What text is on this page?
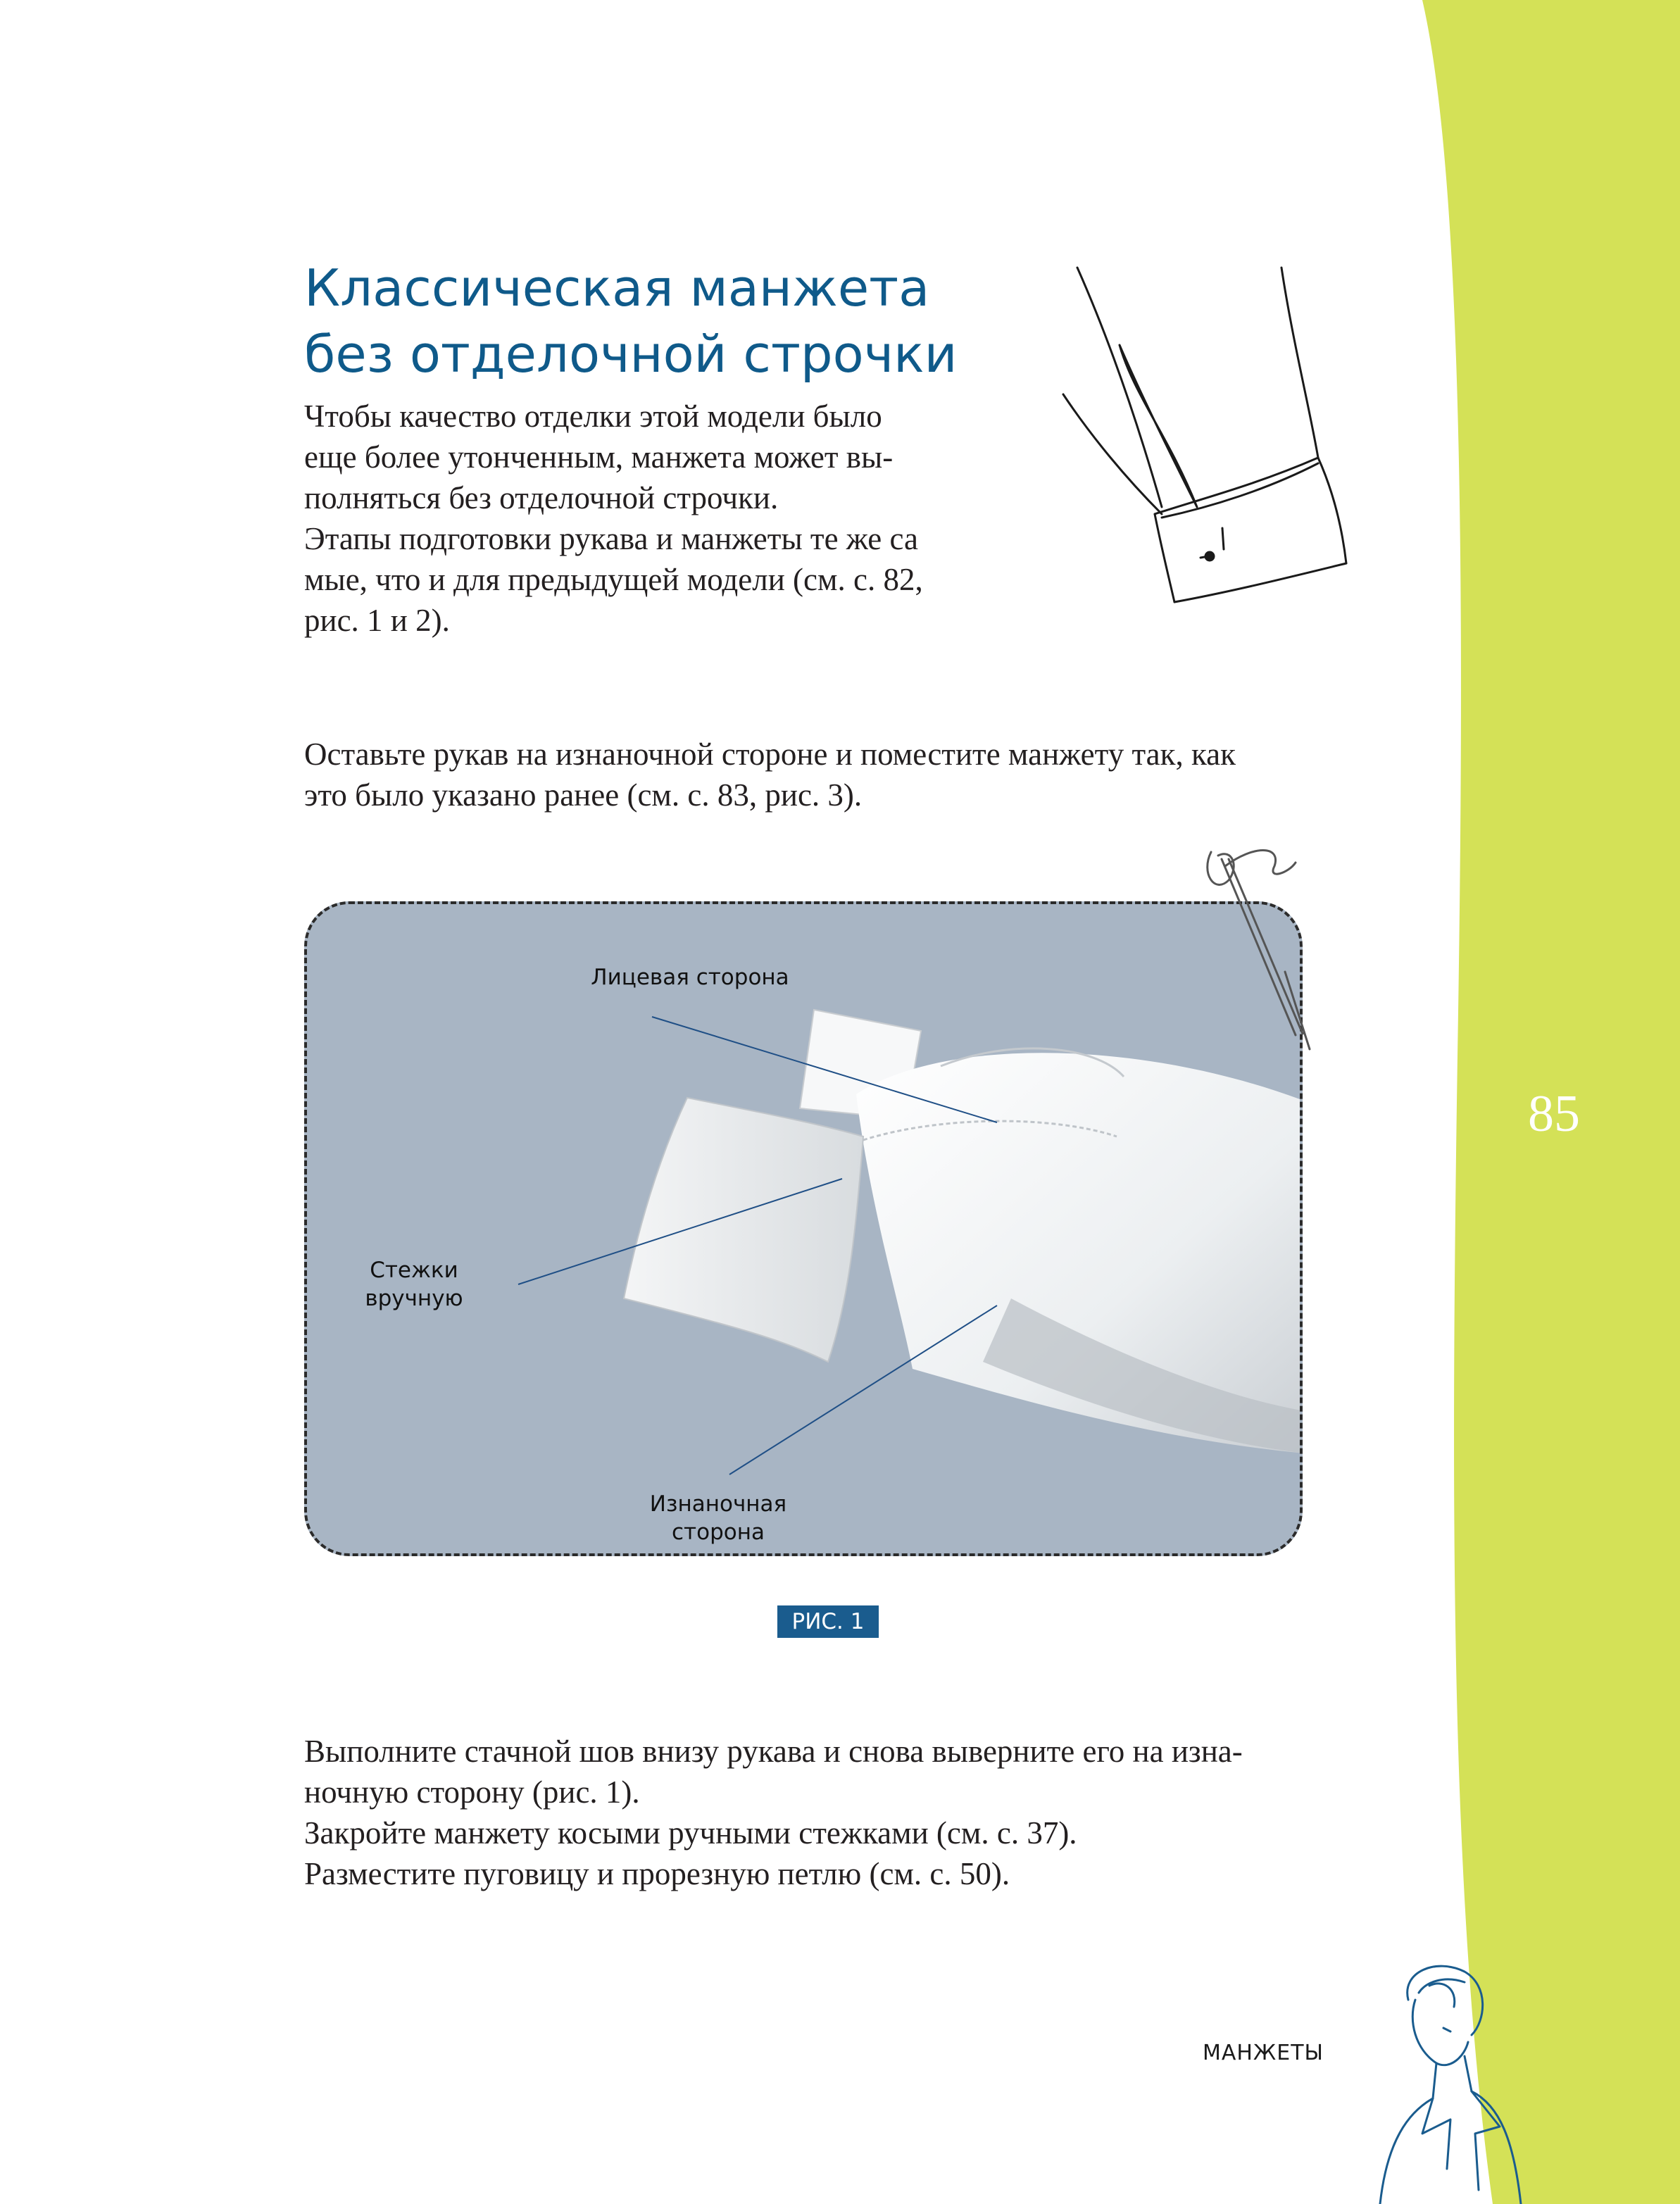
85
Классическая манжета
без отделочной строчки
Чтобы качество отделки этой модели было
еще более утонченным, манжета может вы-
полняться без отделочной строчки.
Этапы подготовки рукава и манжеты те же са
мые, что и для предыдущей модели (см. с. 82,
рис. 1 и 2).
Оставьте рукав на изнаночной стороне и поместите манжету так, как
это было указано ранее (см. с. 83, рис. 3).
Лицевая сторона
Стежки
вручную
Изнаночная
сторона
РИС. 1
Выполните стачной шов внизу рукава и снова выверните его на изна-
ночную сторону (рис. 1).
Закройте манжету косыми ручными стежками (см. с. 37).
Разместите пуговицу и прорезную петлю (см. с. 50).
МАНЖЕТЫ
